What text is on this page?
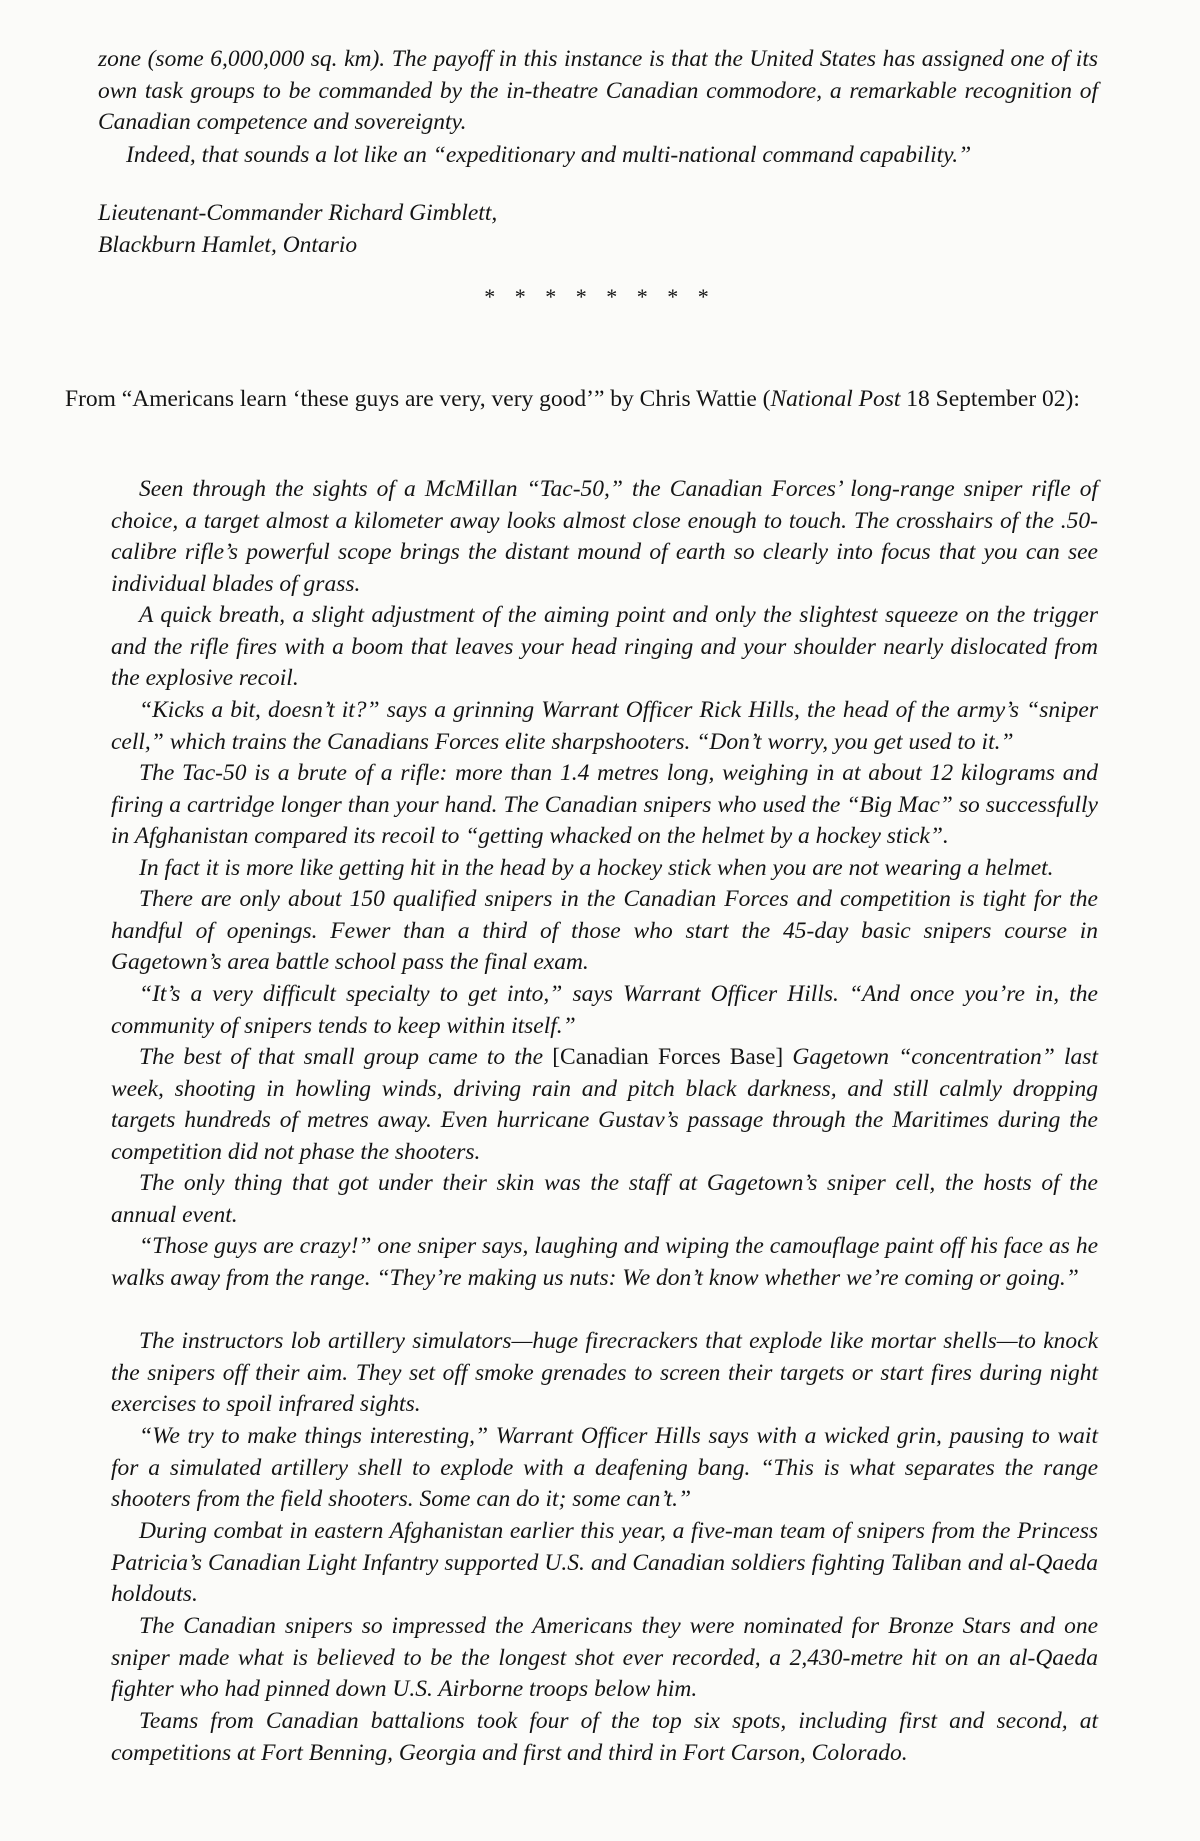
zone (some 6,000,000 sq. km). The payoff in this instance is that the United States has assigned one of its own task groups to be commanded by the in-theatre Canadian commodore, a remarkable recognition of Canadian competence and sovereignty.

Indeed, that sounds a lot like an “expeditionary and multi-national command capability.”

Lieutenant-Commander Richard Gimblett,

Blackburn Hamlet, Ontario

* * * * * * * *

From “Americans learn ‘these guys are very, very good’” by Chris Wattie (National Post 18 September 02):

Seen through the sights of a McMillan “Tac-50,” the Canadian Forces’ long-range sniper rifle of choice, a target almost a kilometer away looks almost close enough to touch. The crosshairs of the .50-calibre rifle’s powerful scope brings the distant mound of earth so clearly into focus that you can see individual blades of grass.

A quick breath, a slight adjustment of the aiming point and only the slightest squeeze on the trigger and the rifle fires with a boom that leaves your head ringing and your shoulder nearly dislocated from the explosive recoil.

“Kicks a bit, doesn’t it?” says a grinning Warrant Officer Rick Hills, the head of the army’s “sniper cell,” which trains the Canadians Forces elite sharpshooters. “Don’t worry, you get used to it.”

The Tac-50 is a brute of a rifle: more than 1.4 metres long, weighing in at about 12 kilograms and firing a cartridge longer than your hand. The Canadian snipers who used the “Big Mac” so successfully in Afghanistan compared its recoil to “getting whacked on the helmet by a hockey stick”.

In fact it is more like getting hit in the head by a hockey stick when you are not wearing a helmet.

There are only about 150 qualified snipers in the Canadian Forces and competition is tight for the handful of openings. Fewer than a third of those who start the 45-day basic snipers course in Gagetown’s area battle school pass the final exam.

“It’s a very difficult specialty to get into,” says Warrant Officer Hills. “And once you’re in, the community of snipers tends to keep within itself.”

The best of that small group came to the [Canadian Forces Base] Gagetown “concentration” last week, shooting in howling winds, driving rain and pitch black darkness, and still calmly dropping targets hundreds of metres away. Even hurricane Gustav’s passage through the Maritimes during the competition did not phase the shooters.

The only thing that got under their skin was the staff at Gagetown’s sniper cell, the hosts of the annual event.

“Those guys are crazy!” one sniper says, laughing and wiping the camouflage paint off his face as he walks away from the range. “They’re making us nuts: We don’t know whether we’re coming or going.”

The instructors lob artillery simulators—huge firecrackers that explode like mortar shells—to knock the snipers off their aim. They set off smoke grenades to screen their targets or start fires during night exercises to spoil infrared sights.

“We try to make things interesting,” Warrant Officer Hills says with a wicked grin, pausing to wait for a simulated artillery shell to explode with a deafening bang. “This is what separates the range shooters from the field shooters. Some can do it; some can’t.”

During combat in eastern Afghanistan earlier this year, a five-man team of snipers from the Princess Patricia’s Canadian Light Infantry supported U.S. and Canadian soldiers fighting Taliban and al-Qaeda holdouts.

The Canadian snipers so impressed the Americans they were nominated for Bronze Stars and one sniper made what is believed to be the longest shot ever recorded, a 2,430-metre hit on an al-Qaeda fighter who had pinned down U.S. Airborne troops below him.

Teams from Canadian battalions took four of the top six spots, including first and second, at competitions at Fort Benning, Georgia and first and third in Fort Carson, Colorado.
